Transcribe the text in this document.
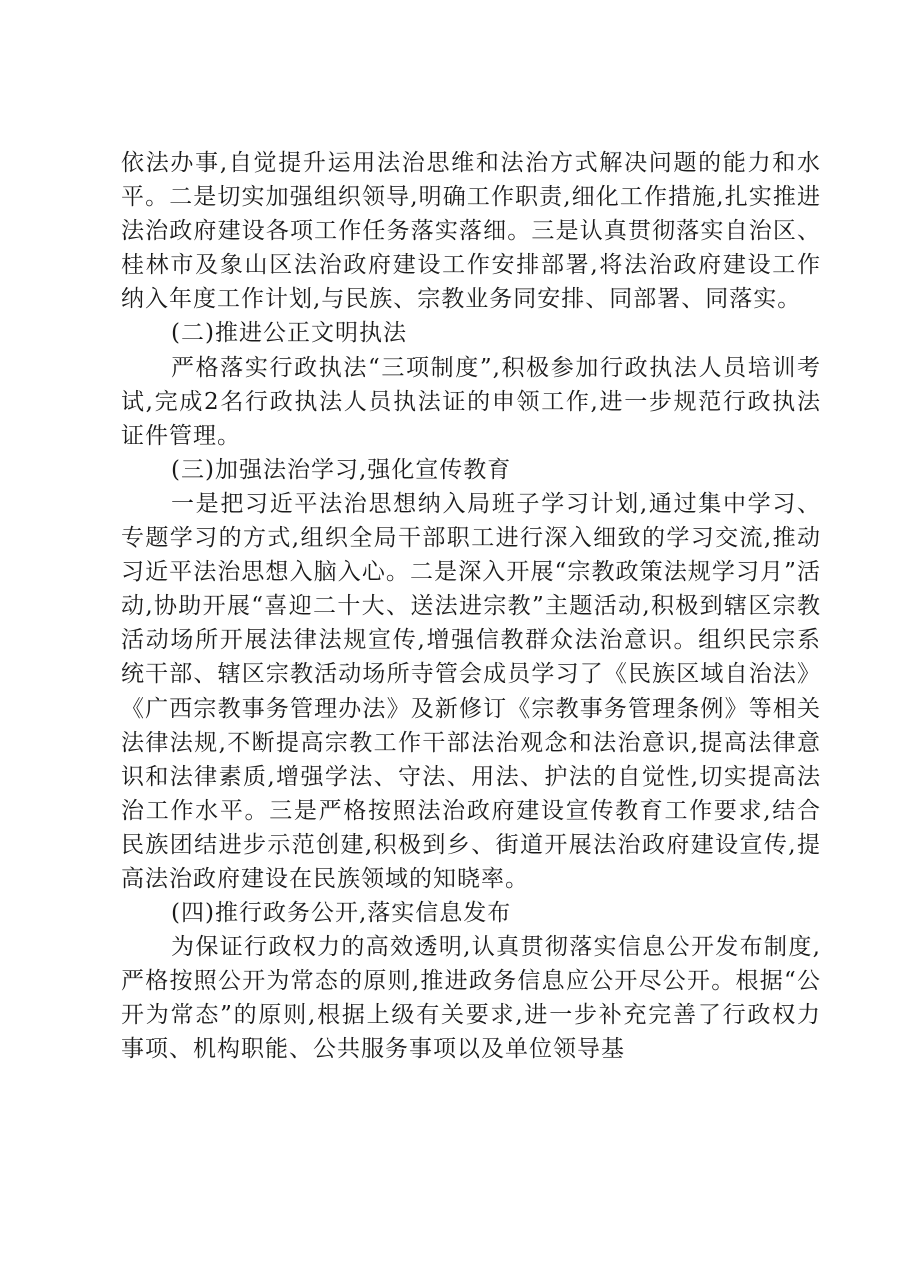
依法办事,自觉提升运用法治思维和法治方式解决问题的能力和水平。二是切实加强组织领导,明确工作职责,细化工作措施,扎实推进法治政府建设各项工作任务落实落细。三是认真贯彻落实自治区、桂林市及象山区法治政府建设工作安排部署,将法治政府建设工作纳入年度工作计划,与民族、宗教业务同安排、同部署、同落实。

(二)推进公正文明执法

严格落实行政执法“三项制度”,积极参加行政执法人员培训考试,完成2名行政执法人员执法证的申领工作,进一步规范行政执法证件管理。

(三)加强法治学习,强化宣传教育

一是把习近平法治思想纳入局班子学习计划,通过集中学习、专题学习的方式,组织全局干部职工进行深入细致的学习交流,推动习近平法治思想入脑入心。二是深入开展“宗教政策法规学习月”活动,协助开展“喜迎二十大、送法进宗教”主题活动,积极到辖区宗教活动场所开展法律法规宣传,增强信教群众法治意识。组织民宗系统干部、辖区宗教活动场所寺管会成员学习了《民族区域自治法》《广西宗教事务管理办法》及新修订《宗教事务管理条例》等相关法律法规,不断提高宗教工作干部法治观念和法治意识,提高法律意识和法律素质,增强学法、守法、用法、护法的自觉性,切实提高法治工作水平。三是严格按照法治政府建设宣传教育工作要求,结合民族团结进步示范创建,积极到乡、街道开展法治政府建设宣传,提高法治政府建设在民族领域的知晓率。

(四)推行政务公开,落实信息发布

为保证行政权力的高效透明,认真贯彻落实信息公开发布制度,严格按照公开为常态的原则,推进政务信息应公开尽公开。根据“公开为常态”的原则,根据上级有关要求,进一步补充完善了行政权力事项、机构职能、公共服务事项以及单位领导基
